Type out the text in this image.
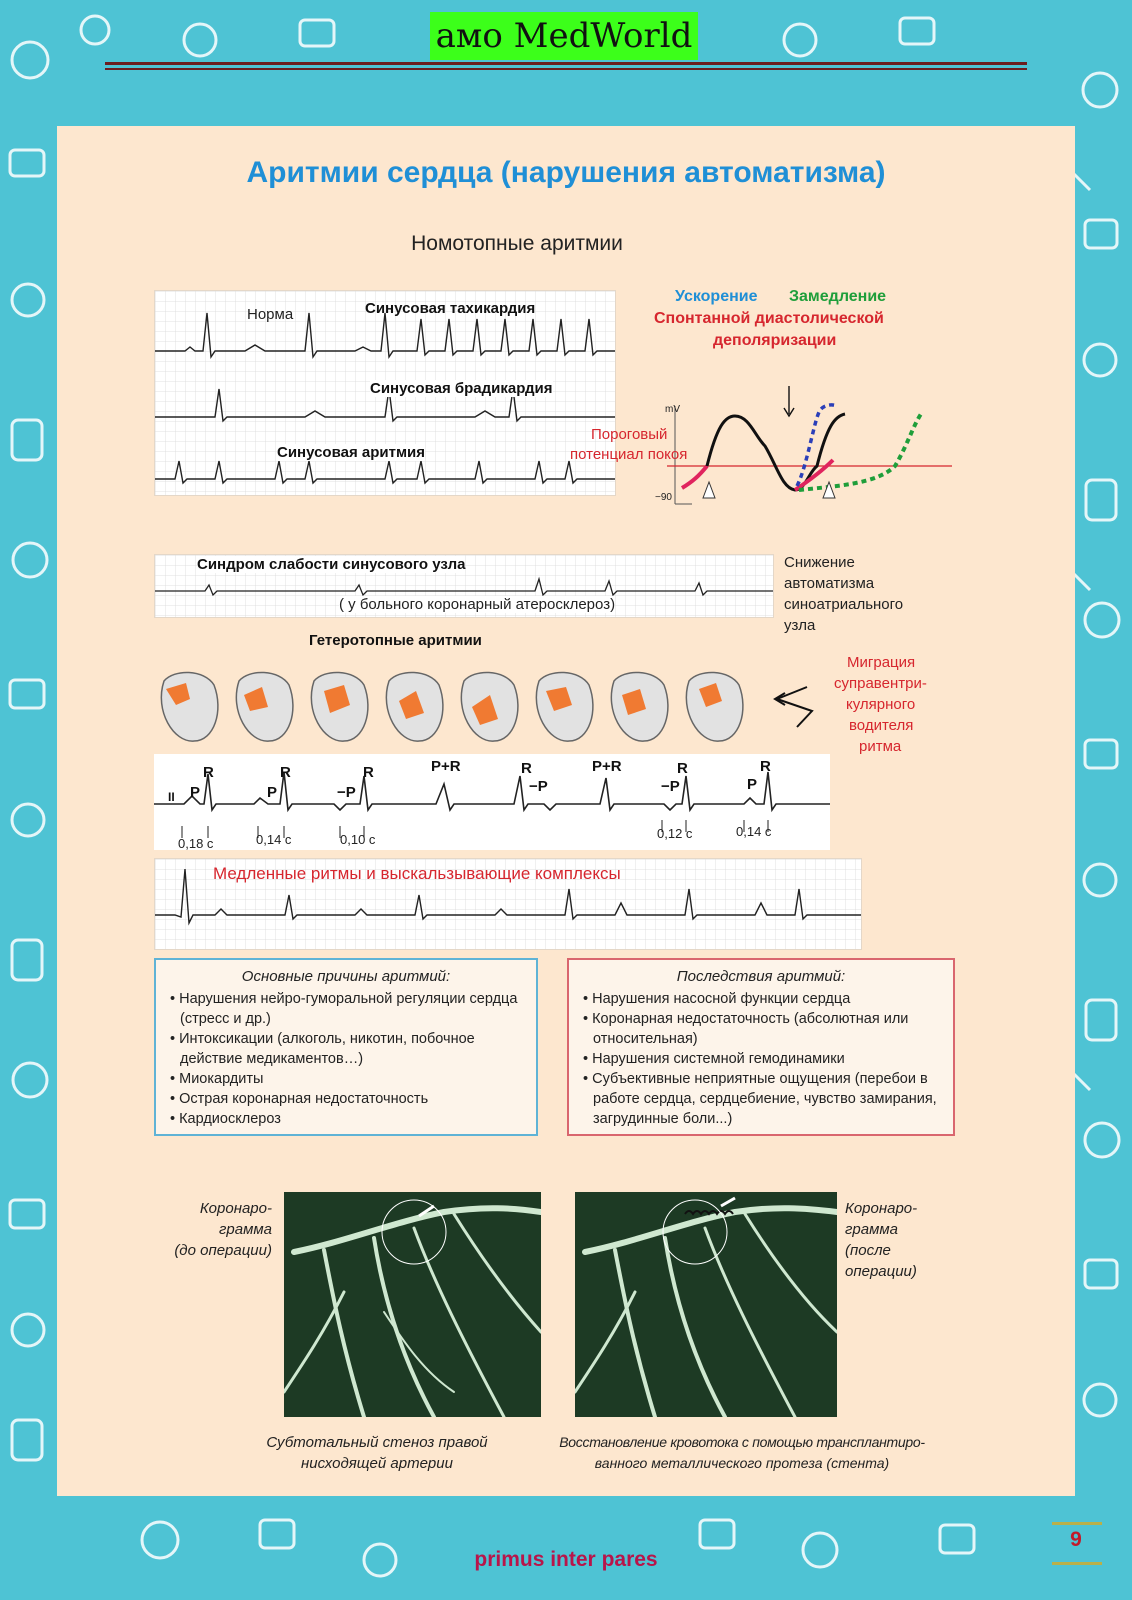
амо MedWorld
Аритмии сердца (нарушения автоматизма)
Номотопные аритмии
Норма	Синусовая тахикардия
Синусовая брадикардия
Синусовая аритмия
Ускорение Замедление
Спонтанной диастолической
деполяризации
mV
−90
Пороговый
потенциал покоя
Синдром слабости синусового узла
( у больного коронарный атеросклероз)
Снижение
автоматизма
синоатриального
узла
Гетеротопные аритмии
Миграция
суправентри-
кулярного
водителя
ритма
II P
R
P
R
−P
R	P+R	R
−P
P+R
−P
R
P
R
0,18 с	0,14 с	0,10 с	0,12 с	0,14 с
Медленные ритмы и выскальзывающие комплексы
Основные причины аритмий:
• Нарушения нейро-гуморальной регуляции сердца (стресс и др.)
• Интоксикации (алкоголь, никотин, побочное действие медикаментов…)
• Миокардиты
• Острая коронарная недостаточность
• Кардиосклероз
Последствия аритмий:
• Нарушения насосной функции сердца
• Коронарная недостаточность (абсолютная или относительная)
• Нарушения системной гемодинамики
• Субъективные неприятные ощущения (перебои в работе сердца, сердцебиение, чувство замирания, загрудинные боли...)
Коронаро-
грамма
(до операции)
Коронаро-
грамма
(после
операции)
Субтотальный стеноз правой
нисходящей артерии
Восстановление кровотока с помощью трансплантиро-
ванного металлического протеза (стента)
primus inter pares
9
